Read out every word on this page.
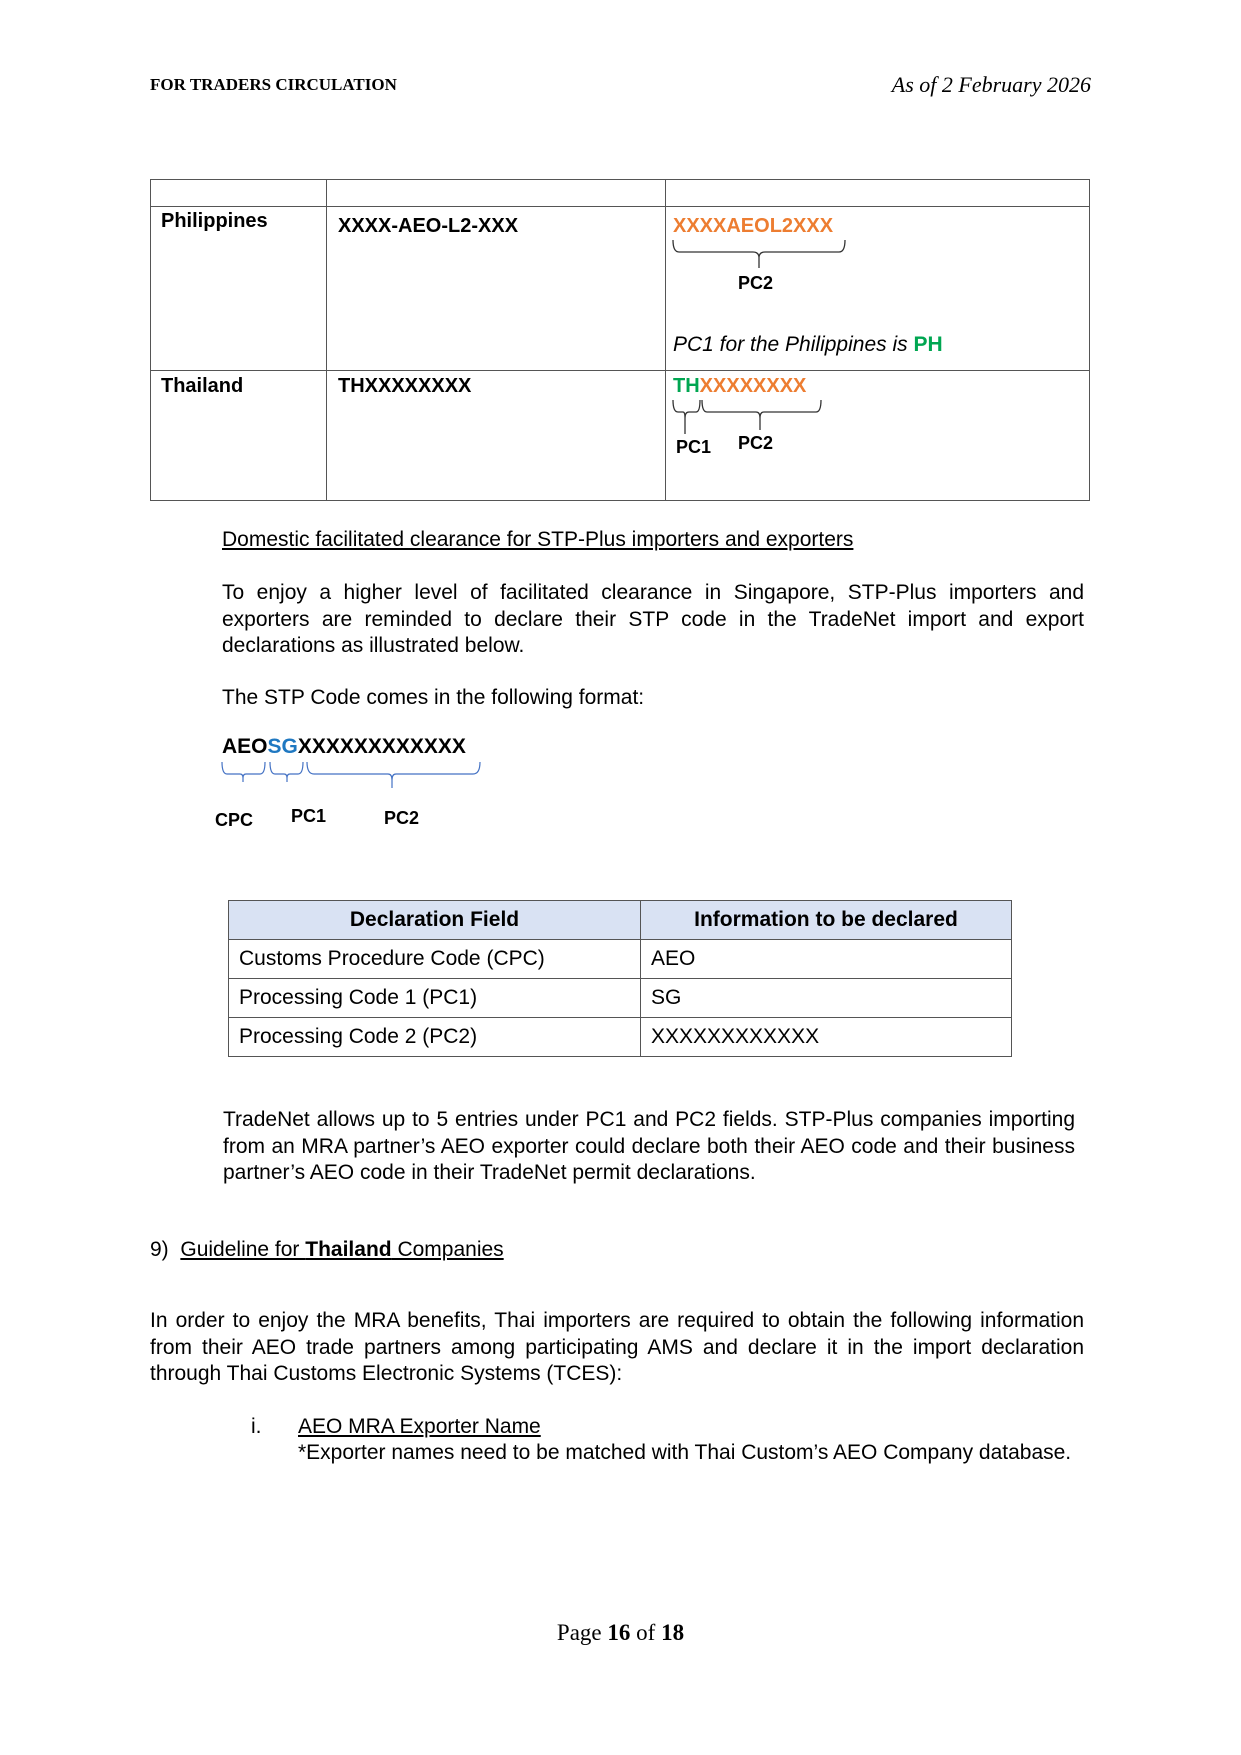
FOR TRADERS CIRCULATION	As of 2 February 2026
Philippines	XXXX-AEO-L2-XXX	XXXXAEOL2XXX
PC2
PC1 for the Philippines is PH
Thailand	THXXXXXXXX	THXXXXXXXX
PC1 PC2
Domestic facilitated clearance for STP-Plus importers and exporters
To enjoy a higher level of facilitated clearance in Singapore, STP-Plus importers and exporters are reminded to declare their STP code in the TradeNet import and export declarations as illustrated below.
The STP Code comes in the following format:
AEOSGXXXXXXXXXXXX
CPC PC1	PC2
Declaration Field	Information to be declared
Customs Procedure Code (CPC)	AEO
Processing Code 1 (PC1)	SG
Processing Code 2 (PC2)	XXXXXXXXXXXX
TradeNet allows up to 5 entries under PC1 and PC2 fields. STP-Plus companies importing from an MRA partner’s AEO exporter could declare both their AEO code and their business partner’s AEO code in their TradeNet permit declarations.
9) Guideline for Thailand Companies
In order to enjoy the MRA benefits, Thai importers are required to obtain the following information from their AEO trade partners among participating AMS and declare it in the import declaration through Thai Customs Electronic Systems (TCES):
i. AEO MRA Exporter Name
*Exporter names need to be matched with Thai Custom’s AEO Company database.
Page 16 of 18
